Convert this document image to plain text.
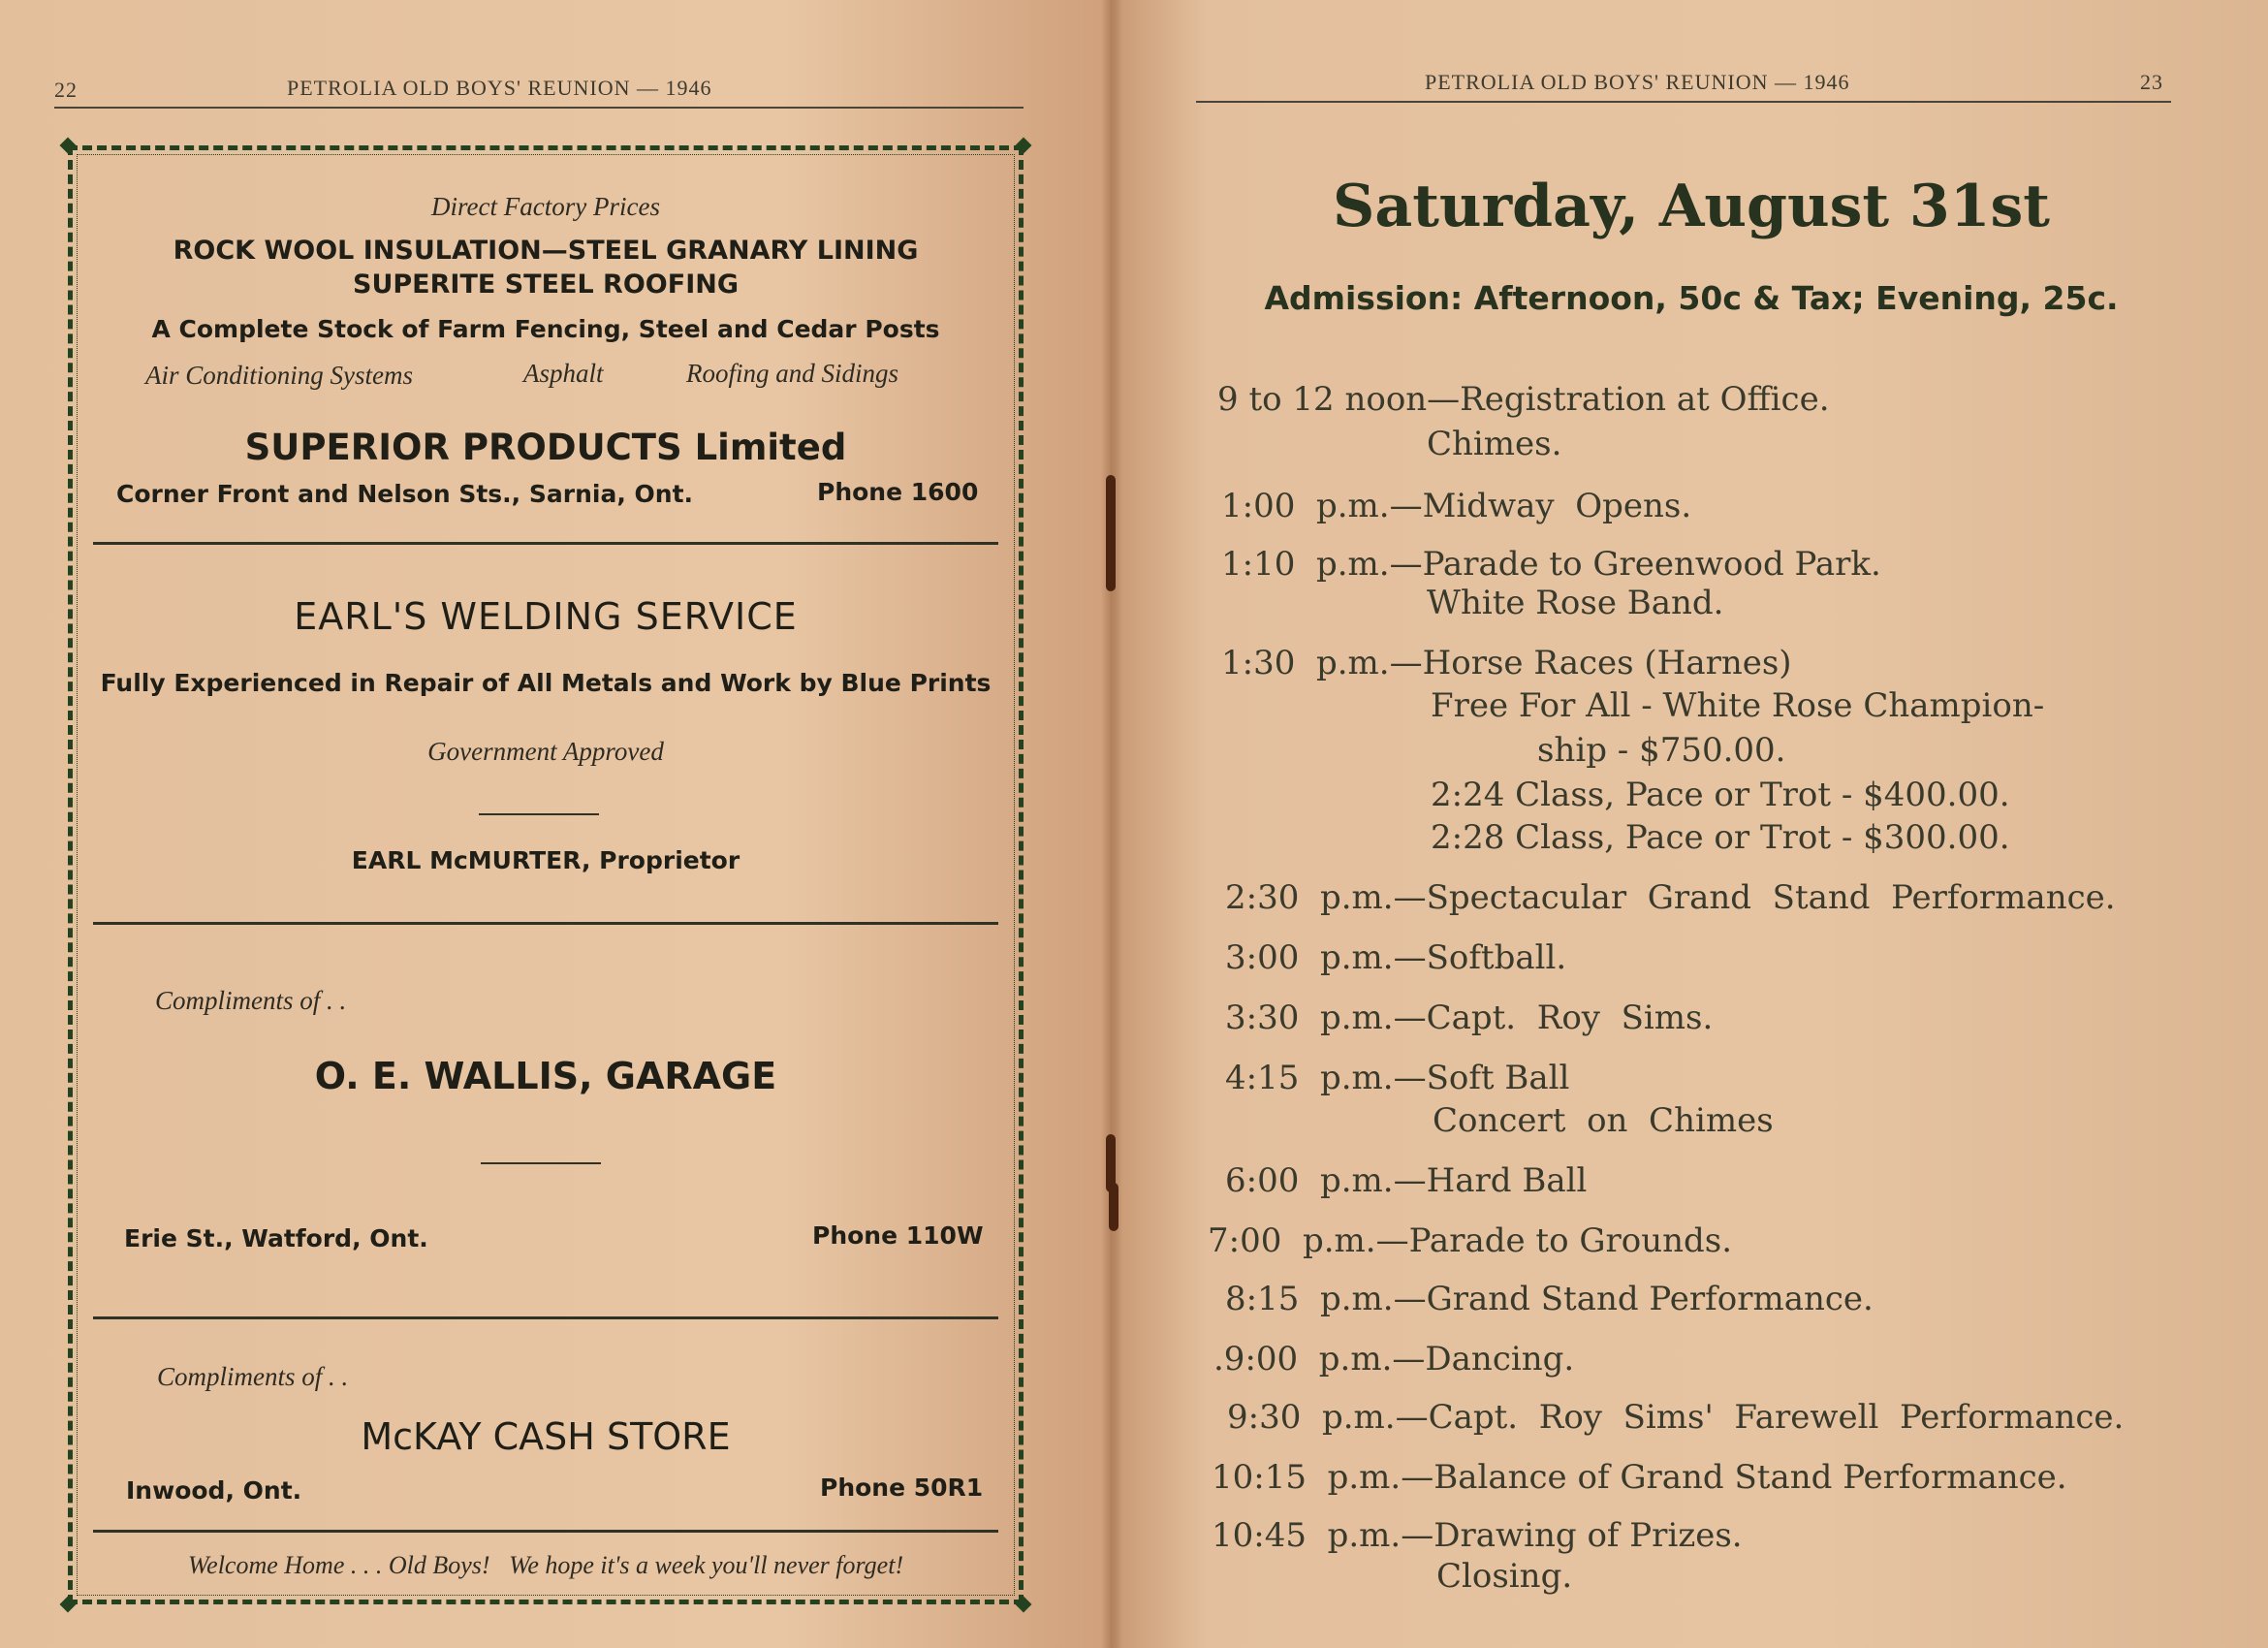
22	PETROLIA OLD BOYS' REUNION — 1946
Direct Factory Prices
ROCK WOOL INSULATION—STEEL GRANARY LINING
SUPERITE STEEL ROOFING
A Complete Stock of Farm Fencing, Steel and Cedar Posts
Air Conditioning Systems	Asphalt	Roofing and Sidings
SUPERIOR PRODUCTS Limited
Corner Front and Nelson Sts., Sarnia, Ont.	Phone 1600
EARL'S WELDING SERVICE
Fully Experienced in Repair of All Metals and Work by Blue Prints
Government Approved
EARL McMURTER, Proprietor
Compliments of . .
O. E. WALLIS, GARAGE
Erie St., Watford, Ont.	Phone 110W
Compliments of . .
McKAY CASH STORE
Inwood, Ont.	Phone 50R1
Welcome Home . . . Old Boys!   We hope it's a week you'll never forget!
PETROLIA OLD BOYS' REUNION — 1946	23
Saturday, August 31st
Admission: Afternoon, 50c & Tax; Evening, 25c.
9 to 12 noon—Registration at Office.
Chimes.
1:00  p.m.—Midway  Opens.
1:10  p.m.—Parade to Greenwood Park.
White Rose Band.
1:30  p.m.—Horse Races (Harnes)
Free For All - White Rose Champion-
ship - $750.00.
2:24 Class, Pace or Trot - $400.00.
2:28 Class, Pace or Trot - $300.00.
2:30  p.m.—Spectacular  Grand  Stand  Performance.
3:00  p.m.—Softball.
3:30  p.m.—Capt.  Roy  Sims.
4:15  p.m.—Soft Ball
Concert  on  Chimes
6:00  p.m.—Hard Ball
7:00  p.m.—Parade to Grounds.
8:15  p.m.—Grand Stand Performance.
.9:00  p.m.—Dancing.
9:30  p.m.—Capt.  Roy  Sims'  Farewell  Performance.
10:15  p.m.—Balance of Grand Stand Performance.
10:45  p.m.—Drawing of Prizes.
Closing.
